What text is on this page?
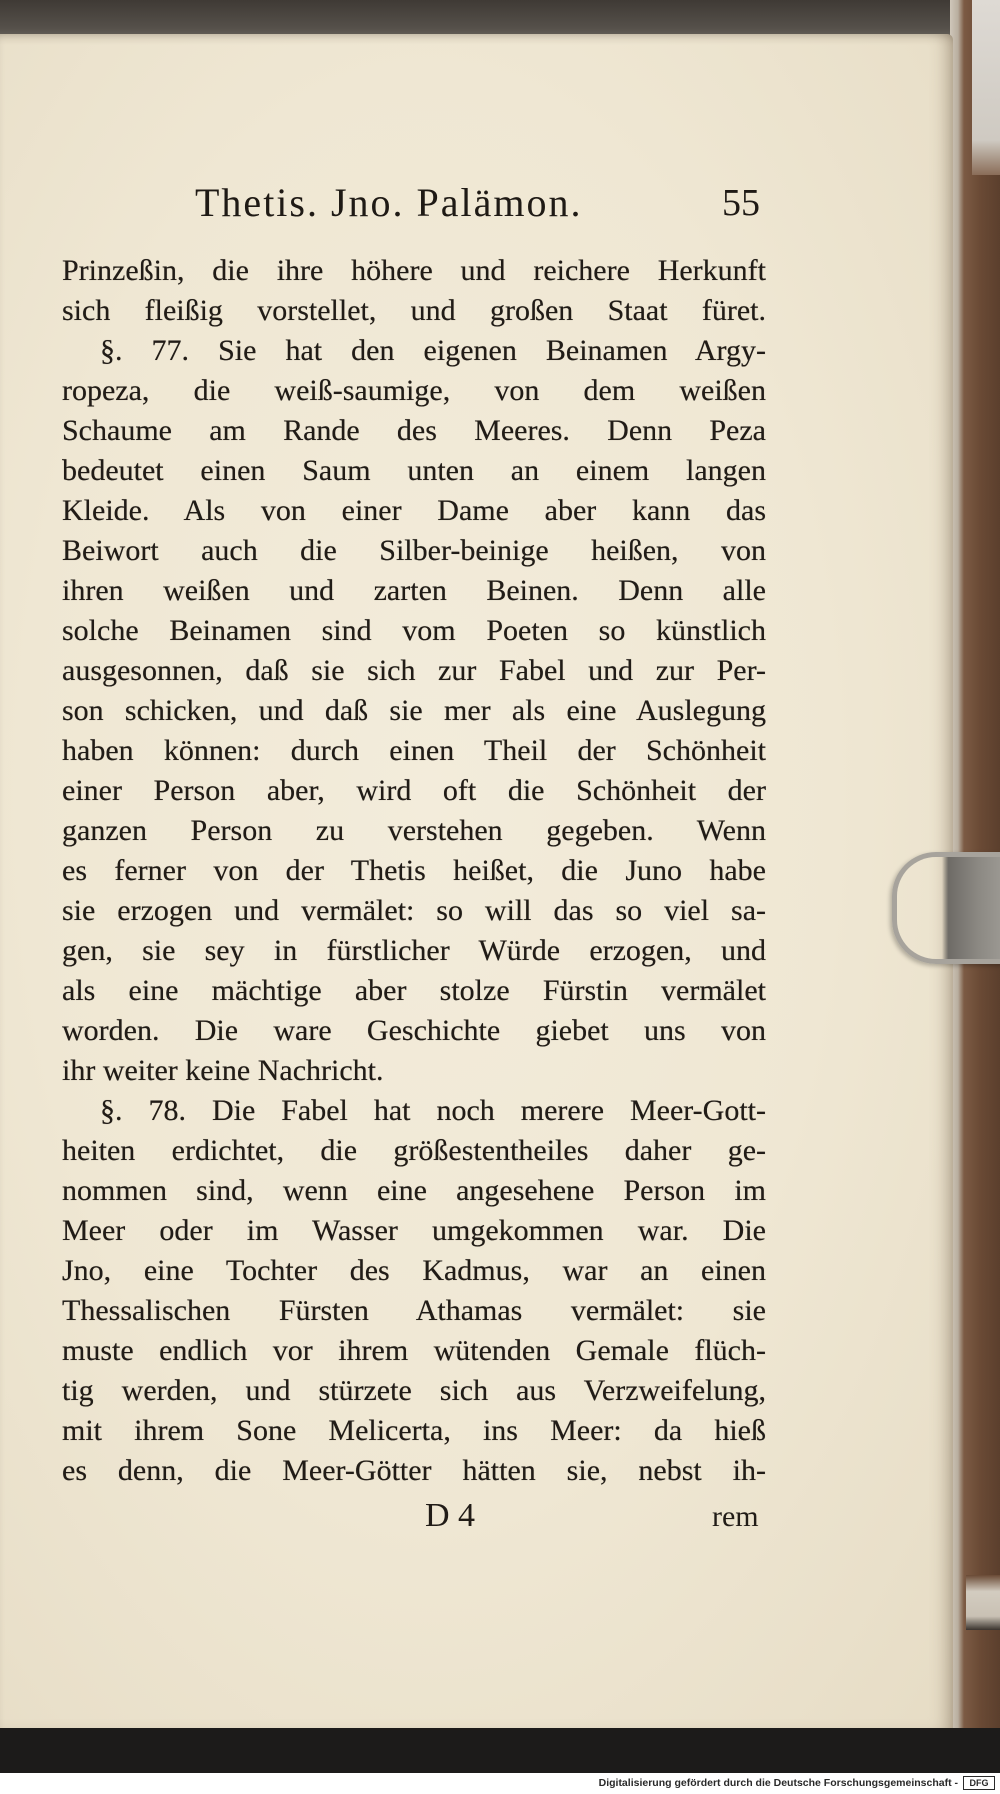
Thetis. Jno. Palämon.	55
Prinzeßin, die ihre höhere und reichere Herkunft
sich fleißig vorstellet, und großen Staat füret.
§. 77. Sie hat den eigenen Beinamen Argy-
ropeza, die weiß-saumige, von dem weißen
Schaume am Rande des Meeres. Denn Peza
bedeutet einen Saum unten an einem langen
Kleide. Als von einer Dame aber kann das
Beiwort auch die Silber-beinige heißen, von
ihren weißen und zarten Beinen. Denn alle
solche Beinamen sind vom Poeten so künstlich
ausgesonnen, daß sie sich zur Fabel und zur Per-
son schicken, und daß sie mer als eine Auslegung
haben können: durch einen Theil der Schönheit
einer Person aber, wird oft die Schönheit der
ganzen Person zu verstehen gegeben. Wenn
es ferner von der Thetis heißet, die Juno habe
sie erzogen und vermälet: so will das so viel sa-
gen, sie sey in fürstlicher Würde erzogen, und
als eine mächtige aber stolze Fürstin vermälet
worden. Die ware Geschichte giebet uns von
ihr weiter keine Nachricht.
§. 78. Die Fabel hat noch merere Meer-Gott-
heiten erdichtet, die größestentheiles daher ge-
nommen sind, wenn eine angesehene Person im
Meer oder im Wasser umgekommen war. Die
Jno, eine Tochter des Kadmus, war an einen
Thessalischen Fürsten Athamas vermälet: sie
muste endlich vor ihrem wütenden Gemale flüch-
tig werden, und stürzete sich aus Verzweifelung,
mit ihrem Sone Melicerta, ins Meer: da hieß
es denn, die Meer-Götter hätten sie, nebst ih-
D 4	rem
Digitalisierung gefördert durch die Deutsche Forschungsgemeinschaft -	DFG
